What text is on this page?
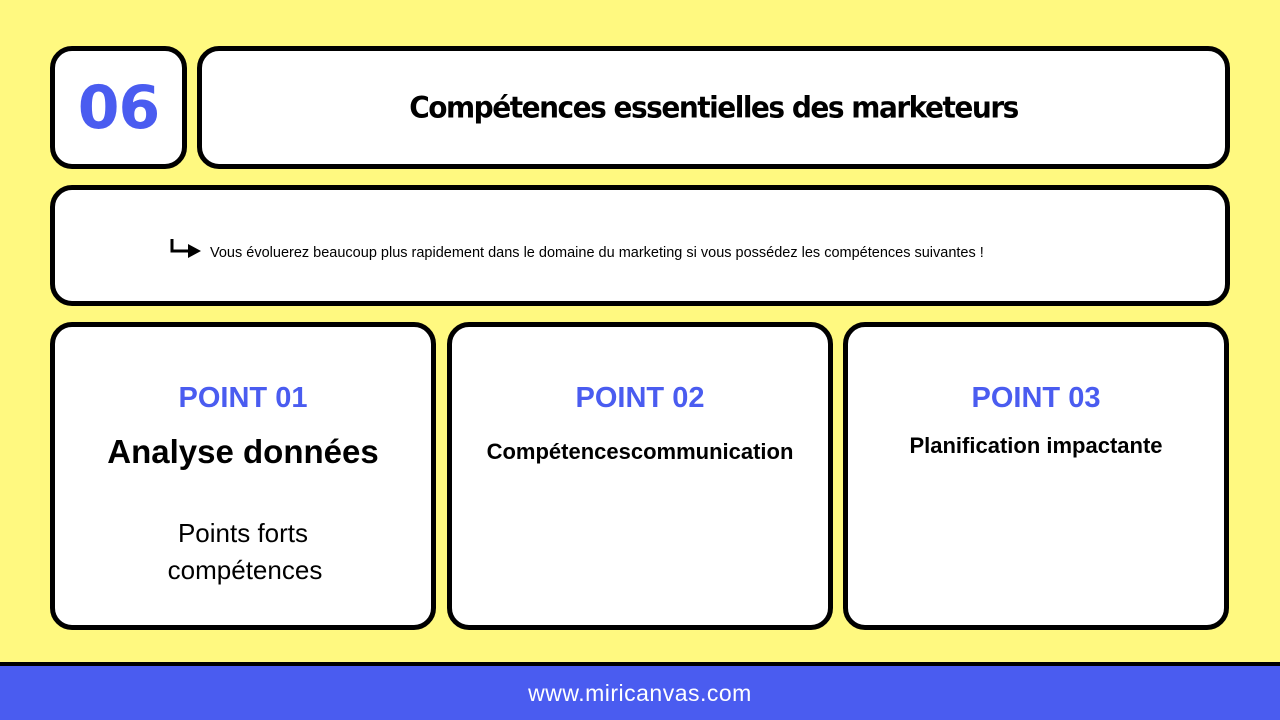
06	Compétences essentielles des marketeurs
Vous évoluerez beaucoup plus rapidement dans le domaine du marketing si vous possédez les compétences suivantes !
POINT 01
Analyse données
Points forts
compétences
POINT 02
Compétencescommunication
POINT 03
Planification impactante
www.miricanvas.com
